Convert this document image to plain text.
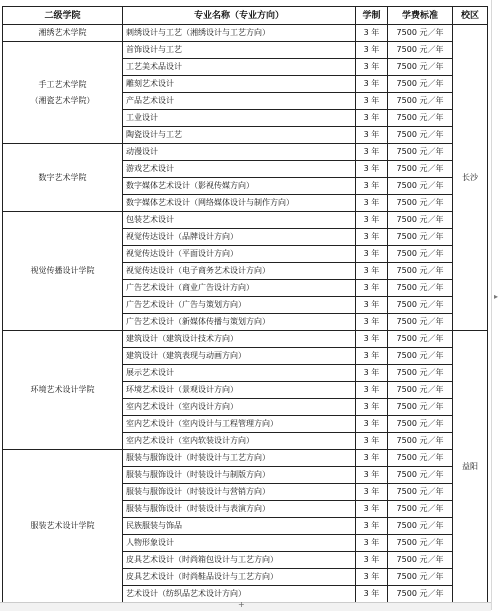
二级学院	专业名称（专业方向）	学制	学费标准	校区

湘绣艺术学院	刺绣设计与工艺（湘绣设计与工艺方向）	3 年	7500 元／年	长沙

手工艺术学院
（湘瓷艺术学院）	首饰设计与工艺	3 年	7500 元／年	
	工艺美术品设计	3 年	7500 元／年	
	雕刻艺术设计	3 年	7500 元／年	
	产品艺术设计	3 年	7500 元／年	
	工业设计	3 年	7500 元／年	
	陶瓷设计与工艺	3 年	7500 元／年	

数字艺术学院	动漫设计	3 年	7500 元／年	
	游戏艺术设计	3 年	7500 元／年	
	数字媒体艺术设计（影视传媒方向）	3 年	7500 元／年	
	数字媒体艺术设计（网络媒体设计与制作方向）	3 年	7500 元／年	

视觉传播设计学院	包装艺术设计	3 年	7500 元／年	
	视觉传达设计（品牌设计方向）	3 年	7500 元／年	
	视觉传达设计（平面设计方向）	3 年	7500 元／年	
	视觉传达设计（电子商务艺术设计方向）	3 年	7500 元／年	
	广告艺术设计（商业广告设计方向）	3 年	7500 元／年	
	广告艺术设计（广告与策划方向）	3 年	7500 元／年	
	广告艺术设计（新媒体传播与策划方向）	3 年	7500 元／年	

环境艺术设计学院	建筑设计（建筑设计技术方向）	3 年	7500 元／年	益阳
	建筑设计（建筑表现与动画方向）	3 年	7500 元／年	
	展示艺术设计	3 年	7500 元／年	
	环境艺术设计（景观设计方向）	3 年	7500 元／年	
	室内艺术设计（室内设计方向）	3 年	7500 元／年	
	室内艺术设计（室内设计与工程管理方向）	3 年	7500 元／年	
	室内艺术设计（室内软装设计方向）	3 年	7500 元／年	

服装艺术设计学院	服装与服饰设计（时装设计与工艺方向）	3 年	7500 元／年	
	服装与服饰设计（时装设计与制版方向）	3 年	7500 元／年	
	服装与服饰设计（时装设计与营销方向）	3 年	7500 元／年	
	服装与服饰设计（时装设计与表演方向）	3 年	7500 元／年	
	民族服装与饰品	3 年	7500 元／年	
	人物形象设计	3 年	7500 元／年	
	皮具艺术设计（时尚箱包设计与工艺方向）	3 年	7500 元／年	
	皮具艺术设计（时尚鞋品设计与工艺方向）	3 年	7500 元／年	
	艺术设计（纺织品艺术设计方向）	3 年	7500 元／年	
▸
+
